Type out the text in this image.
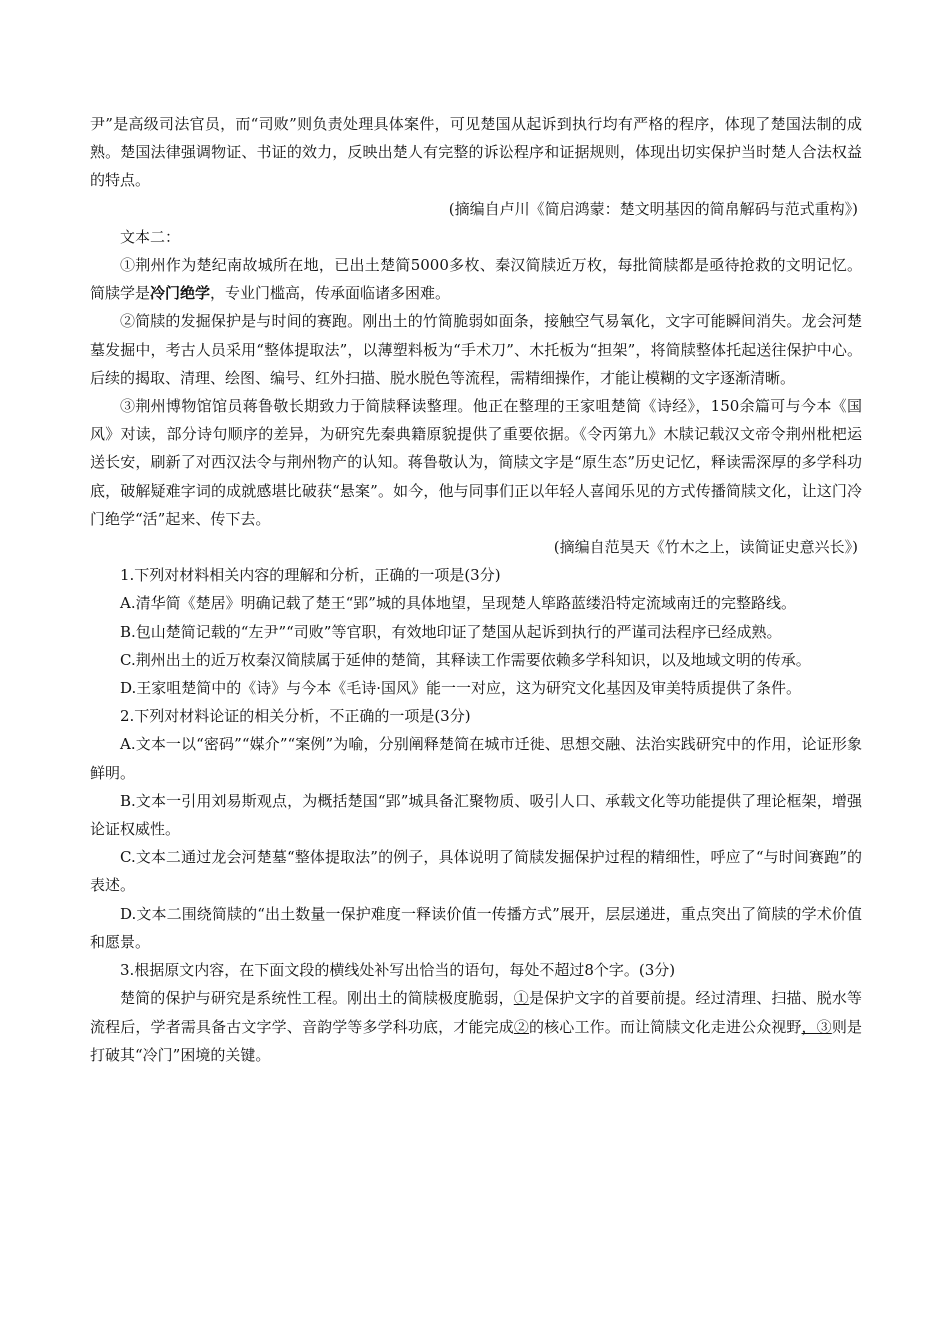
尹”是高级司法官员，而“司败”则负责处理具体案件，可见楚国从起诉到执行均有严格的程序，体现了楚国法制的成熟。楚国法律强调物证、书证的效力，反映出楚人有完整的诉讼程序和证据规则，体现出切实保护当时楚人合法权益的特点。

(摘编自卢川《简启鸿蒙：楚文明基因的简帛解码与范式重构》)

文本二：

①荆州作为楚纪南故城所在地，已出土楚简5000多枚、秦汉简牍近万枚，每批简牍都是亟待抢救的文明记忆。简牍学是冷门绝学，专业门槛高，传承面临诸多困难。

②简牍的发掘保护是与时间的赛跑。刚出土的竹简脆弱如面条，接触空气易氧化，文字可能瞬间消失。龙会河楚墓发掘中，考古人员采用“整体提取法”，以薄塑料板为“手术刀”、木托板为“担架”，将简牍整体托起送往保护中心。后续的揭取、清理、绘图、编号、红外扫描、脱水脱色等流程，需精细操作，才能让模糊的文字逐渐清晰。

③荆州博物馆馆员蒋鲁敬长期致力于简牍释读整理。他正在整理的王家咀楚简《诗经》，150余篇可与今本《国风》对读，部分诗句顺序的差异，为研究先秦典籍原貌提供了重要依据。《令丙第九》木牍记载汉文帝令荆州枇杷运送长安，刷新了对西汉法令与荆州物产的认知。蒋鲁敬认为，简牍文字是“原生态”历史记忆，释读需深厚的多学科功底，破解疑难字词的成就感堪比破获“悬案”。如今，他与同事们正以年轻人喜闻乐见的方式传播简牍文化，让这门冷门绝学“活”起来、传下去。

(摘编自范昊天《竹木之上，读简证史意兴长》)

1.下列对材料相关内容的理解和分析，正确的一项是(3分)

A.清华简《楚居》明确记载了楚王“郢”城的具体地望，呈现楚人筚路蓝缕沿特定流域南迁的完整路线。

B.包山楚简记载的“左尹”“司败”等官职，有效地印证了楚国从起诉到执行的严谨司法程序已经成熟。

C.荆州出土的近万枚秦汉简牍属于延伸的楚简，其释读工作需要依赖多学科知识，以及地域文明的传承。

D.王家咀楚简中的《诗》与今本《毛诗·国风》能一一对应，这为研究文化基因及审美特质提供了条件。

2.下列对材料论证的相关分析，不正确的一项是(3分)

A.文本一以“密码”“媒介”“案例”为喻，分别阐释楚简在城市迁徙、思想交融、法治实践研究中的作用，论证形象鲜明。

B.文本一引用刘易斯观点，为概括楚国“郢”城具备汇聚物质、吸引人口、承载文化等功能提供了理论框架，增强论证权威性。

C.文本二通过龙会河楚墓“整体提取法”的例子，具体说明了简牍发掘保护过程的精细性，呼应了“与时间赛跑”的表述。

D.文本二围绕简牍的“出土数量一保护难度一释读价值一传播方式”展开，层层递进，重点突出了简牍的学术价值和愿景。

3.根据原文内容，在下面文段的横线处补写出恰当的语句，每处不超过8个字。(3分)

楚简的保护与研究是系统性工程。刚出土的简牍极度脆弱，①是保护文字的首要前提。经过清理、扫描、脱水等流程后，学者需具备古文字学、音韵学等多学科功底，才能完成②的核心工作。而让简牍文化走进公众视野，③则是打破其“冷门”困境的关键。
